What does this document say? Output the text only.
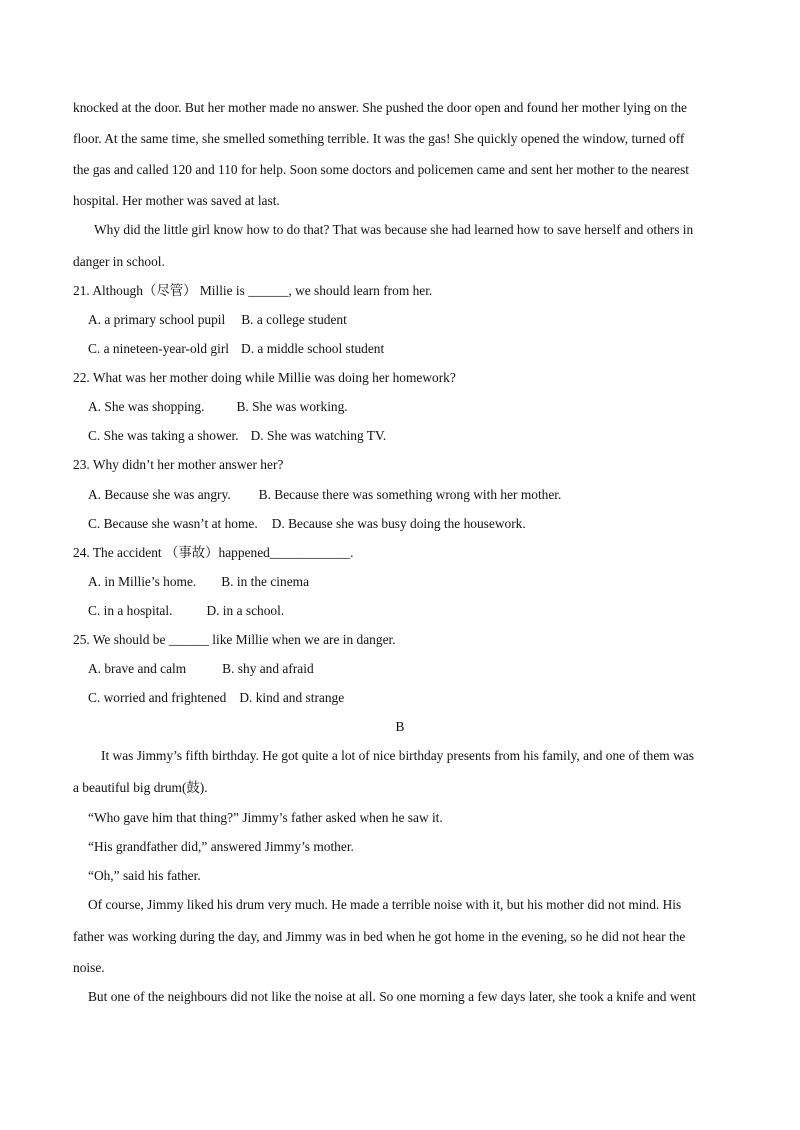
knocked at the door. But her mother made no answer. She pushed the door open and found her mother lying on the
floor. At the same time, she smelled something terrible. It was the gas! She quickly opened the window, turned off
the gas and called 120 and 110 for help. Soon some doctors and policemen came and sent her mother to the nearest
hospital. Her mother was saved at last.
Why did the little girl know how to do that? That was because she had learned how to save herself and others in
danger in school.
21. Although（尽管） Millie is ______, we should learn from her.
A. a primary school pupil B. a college student
C. a nineteen-year-old girl D. a middle school student
22. What was her mother doing while Millie was doing her homework?
A. She was shopping. B. She was working.
C. She was taking a shower. D. She was watching TV.
23. Why didn’t her mother answer her?
A. Because she was angry. B. Because there was something wrong with her mother.
C. Because she wasn’t at home. D. Because she was busy doing the housework.
24. The accident （事故）happened____________.
A. in Millie’s home. B. in the cinema
C. in a hospital.	D. in a school.
25. We should be ______ like Millie when we are in danger.
A. brave and calm	B. shy and afraid
C. worried and frightened D. kind and strange
B
It was Jimmy’s fifth birthday. He got quite a lot of nice birthday presents from his family, and one of them was
a beautiful big drum(鼓).
“Who gave him that thing?” Jimmy’s father asked when he saw it.
“His grandfather did,” answered Jimmy’s mother.
“Oh,” said his father.
Of course, Jimmy liked his drum very much. He made a terrible noise with it, but his mother did not mind. His
father was working during the day, and Jimmy was in bed when he got home in the evening, so he did not hear the
noise.
But one of the neighbours did not like the noise at all. So one morning a few days later, she took a knife and went
